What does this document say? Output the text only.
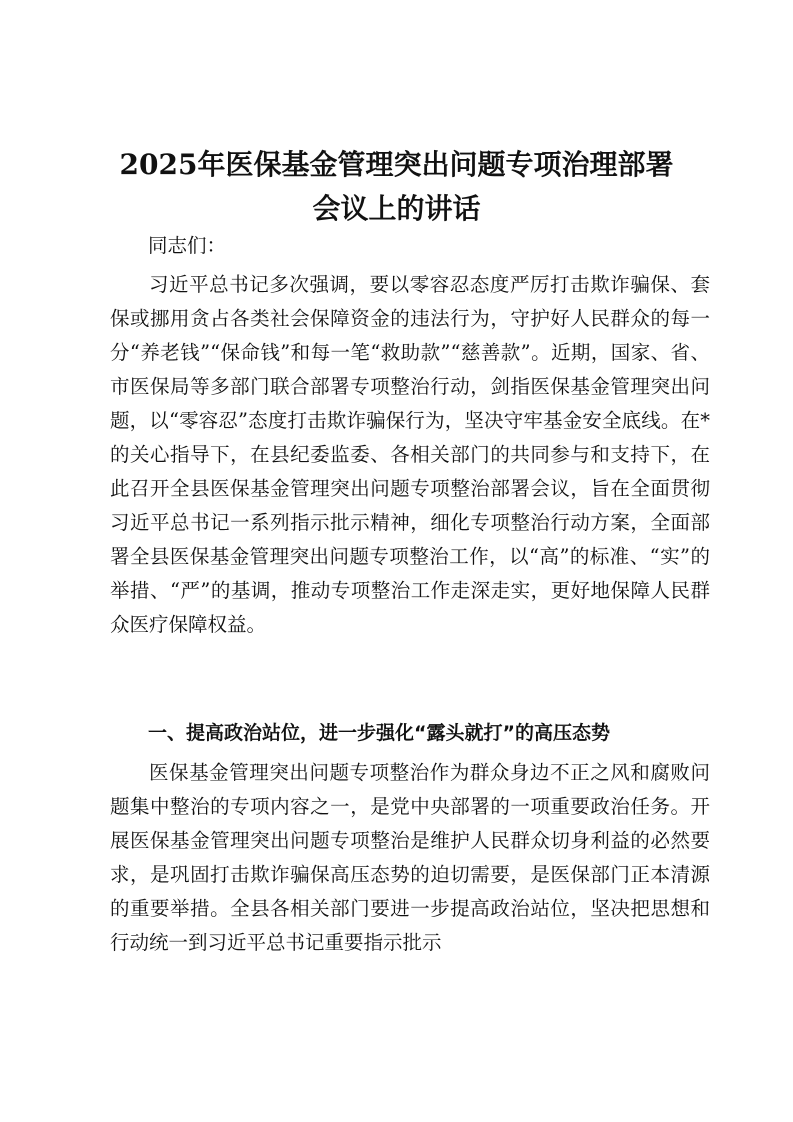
2025年医保基金管理突出问题专项治理部署
会议上的讲话
同志们：

习近平总书记多次强调，要以零容忍态度严厉打击欺诈骗保、套保或挪用贪占各类社会保障资金的违法行为，守护好人民群众的每一分“养老钱”“保命钱”和每一笔“救助款”“慈善款”。近期，国家、省、市医保局等多部门联合部署专项整治行动，剑指医保基金管理突出问题，以“零容忍”态度打击欺诈骗保行为，坚决守牢基金安全底线。在*的关心指导下，在县纪委监委、各相关部门的共同参与和支持下，在此召开全县医保基金管理突出问题专项整治部署会议，旨在全面贯彻习近平总书记一系列指示批示精神，细化专项整治行动方案，全面部署全县医保基金管理突出问题专项整治工作，以“高”的标准、“实”的举措、“严”的基调，推动专项整治工作走深走实，更好地保障人民群众医疗保障权益。

一、提高政治站位，进一步强化“露头就打”的高压态势

医保基金管理突出问题专项整治作为群众身边不正之风和腐败问题集中整治的专项内容之一，是党中央部署的一项重要政治任务。开展医保基金管理突出问题专项整治是维护人民群众切身利益的必然要求，是巩固打击欺诈骗保高压态势的迫切需要，是医保部门正本清源的重要举措。全县各相关部门要进一步提高政治站位，坚决把思想和行动统一到习近平总书记重要指示批示
